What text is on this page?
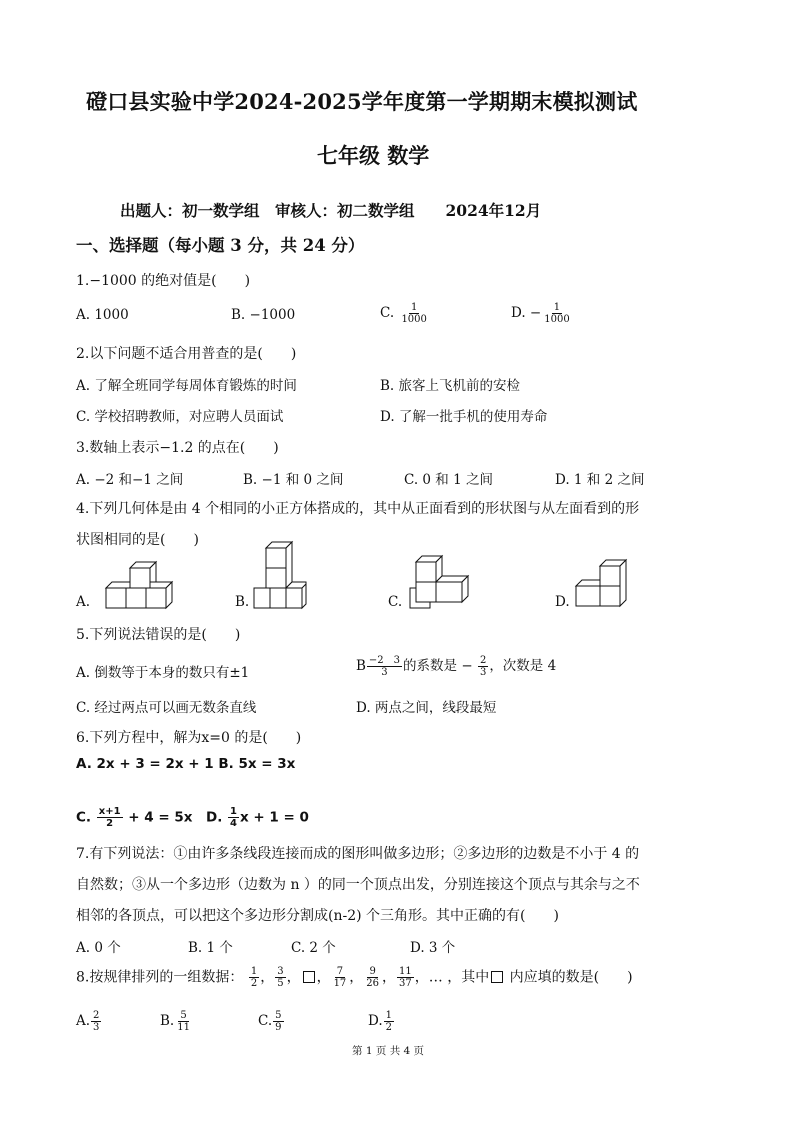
磴口县实验中学2024-2025学年度第一学期期末模拟测试
七年级 数学
出题人：初一数学组　审核人：初二数学组　　2024年12月
一、选择题（每小题 3 分，共 24 分）
1.−1000 的绝对值是(　　)
A. 1000	B. −1000	C. $\frac{1}{1000}$	D. − $\frac{1}{1000}$
2.以下问题不适合用普查的是(　　)
A. 了解全班同学每周体育锻炼的时间	B. 旅客上飞机前的安检
C. 学校招聘教师，对应聘人员面试	D. 了解一批手机的使用寿命
3.数轴上表示−1.2 的点在(　　)
A. −2 和−1 之间	B. −1 和 0 之间	C. 0 和 1 之间	D. 1 和 2 之间
4.下列几何体是由 4 个相同的小正方体搭成的，其中从正面看到的形状图与从左面看到的形
状图相同的是(　　)
A.	B.	C.	D.
5.下列说法错误的是(　　)
A. 倒数等于本身的数只有±1	B $\frac{-2 3}{3}$ 的系数是 − $\frac{2}{3}$ ，次数是 4
C. 经过两点可以画无数条直线	D. 两点之间，线段最短
6.下列方程中，解为x=0 的是(　　)
A. 2x + 3 = 2x + 1 B. 5x = 3x
C. $\frac{x+1}{2} + 4 = 5x$ D. $\frac{1}{4}$ x + 1 = 0
7.有下列说法：①由许多条线段连接而成的图形叫做多边形；②多边形的边数是不小于 4 的
自然数；③从一个多边形（边数为 n ）的同一个顶点出发，分别连接这个顶点与其余与之不
相邻的各顶点，可以把这个多边形分割成(n-2) 个三角形。其中正确的有(　　)
A. 0 个	B. 1 个	C. 2 个	D. 3 个
8.按规律排列的一组数据： $\frac{1}{2}$ ， $\frac{3}{5}$ ， ， $\frac{7}{17}$ ， $\frac{9}{26}$ ， $\frac{11}{37}$ ，… ，其中 内应填的数是(　　)
A. $\frac{2}{3}$	B. $\frac{5}{11}$	C. $\frac{5}{9}$	D. $\frac{1}{2}$
第 1 页 共 4 页
